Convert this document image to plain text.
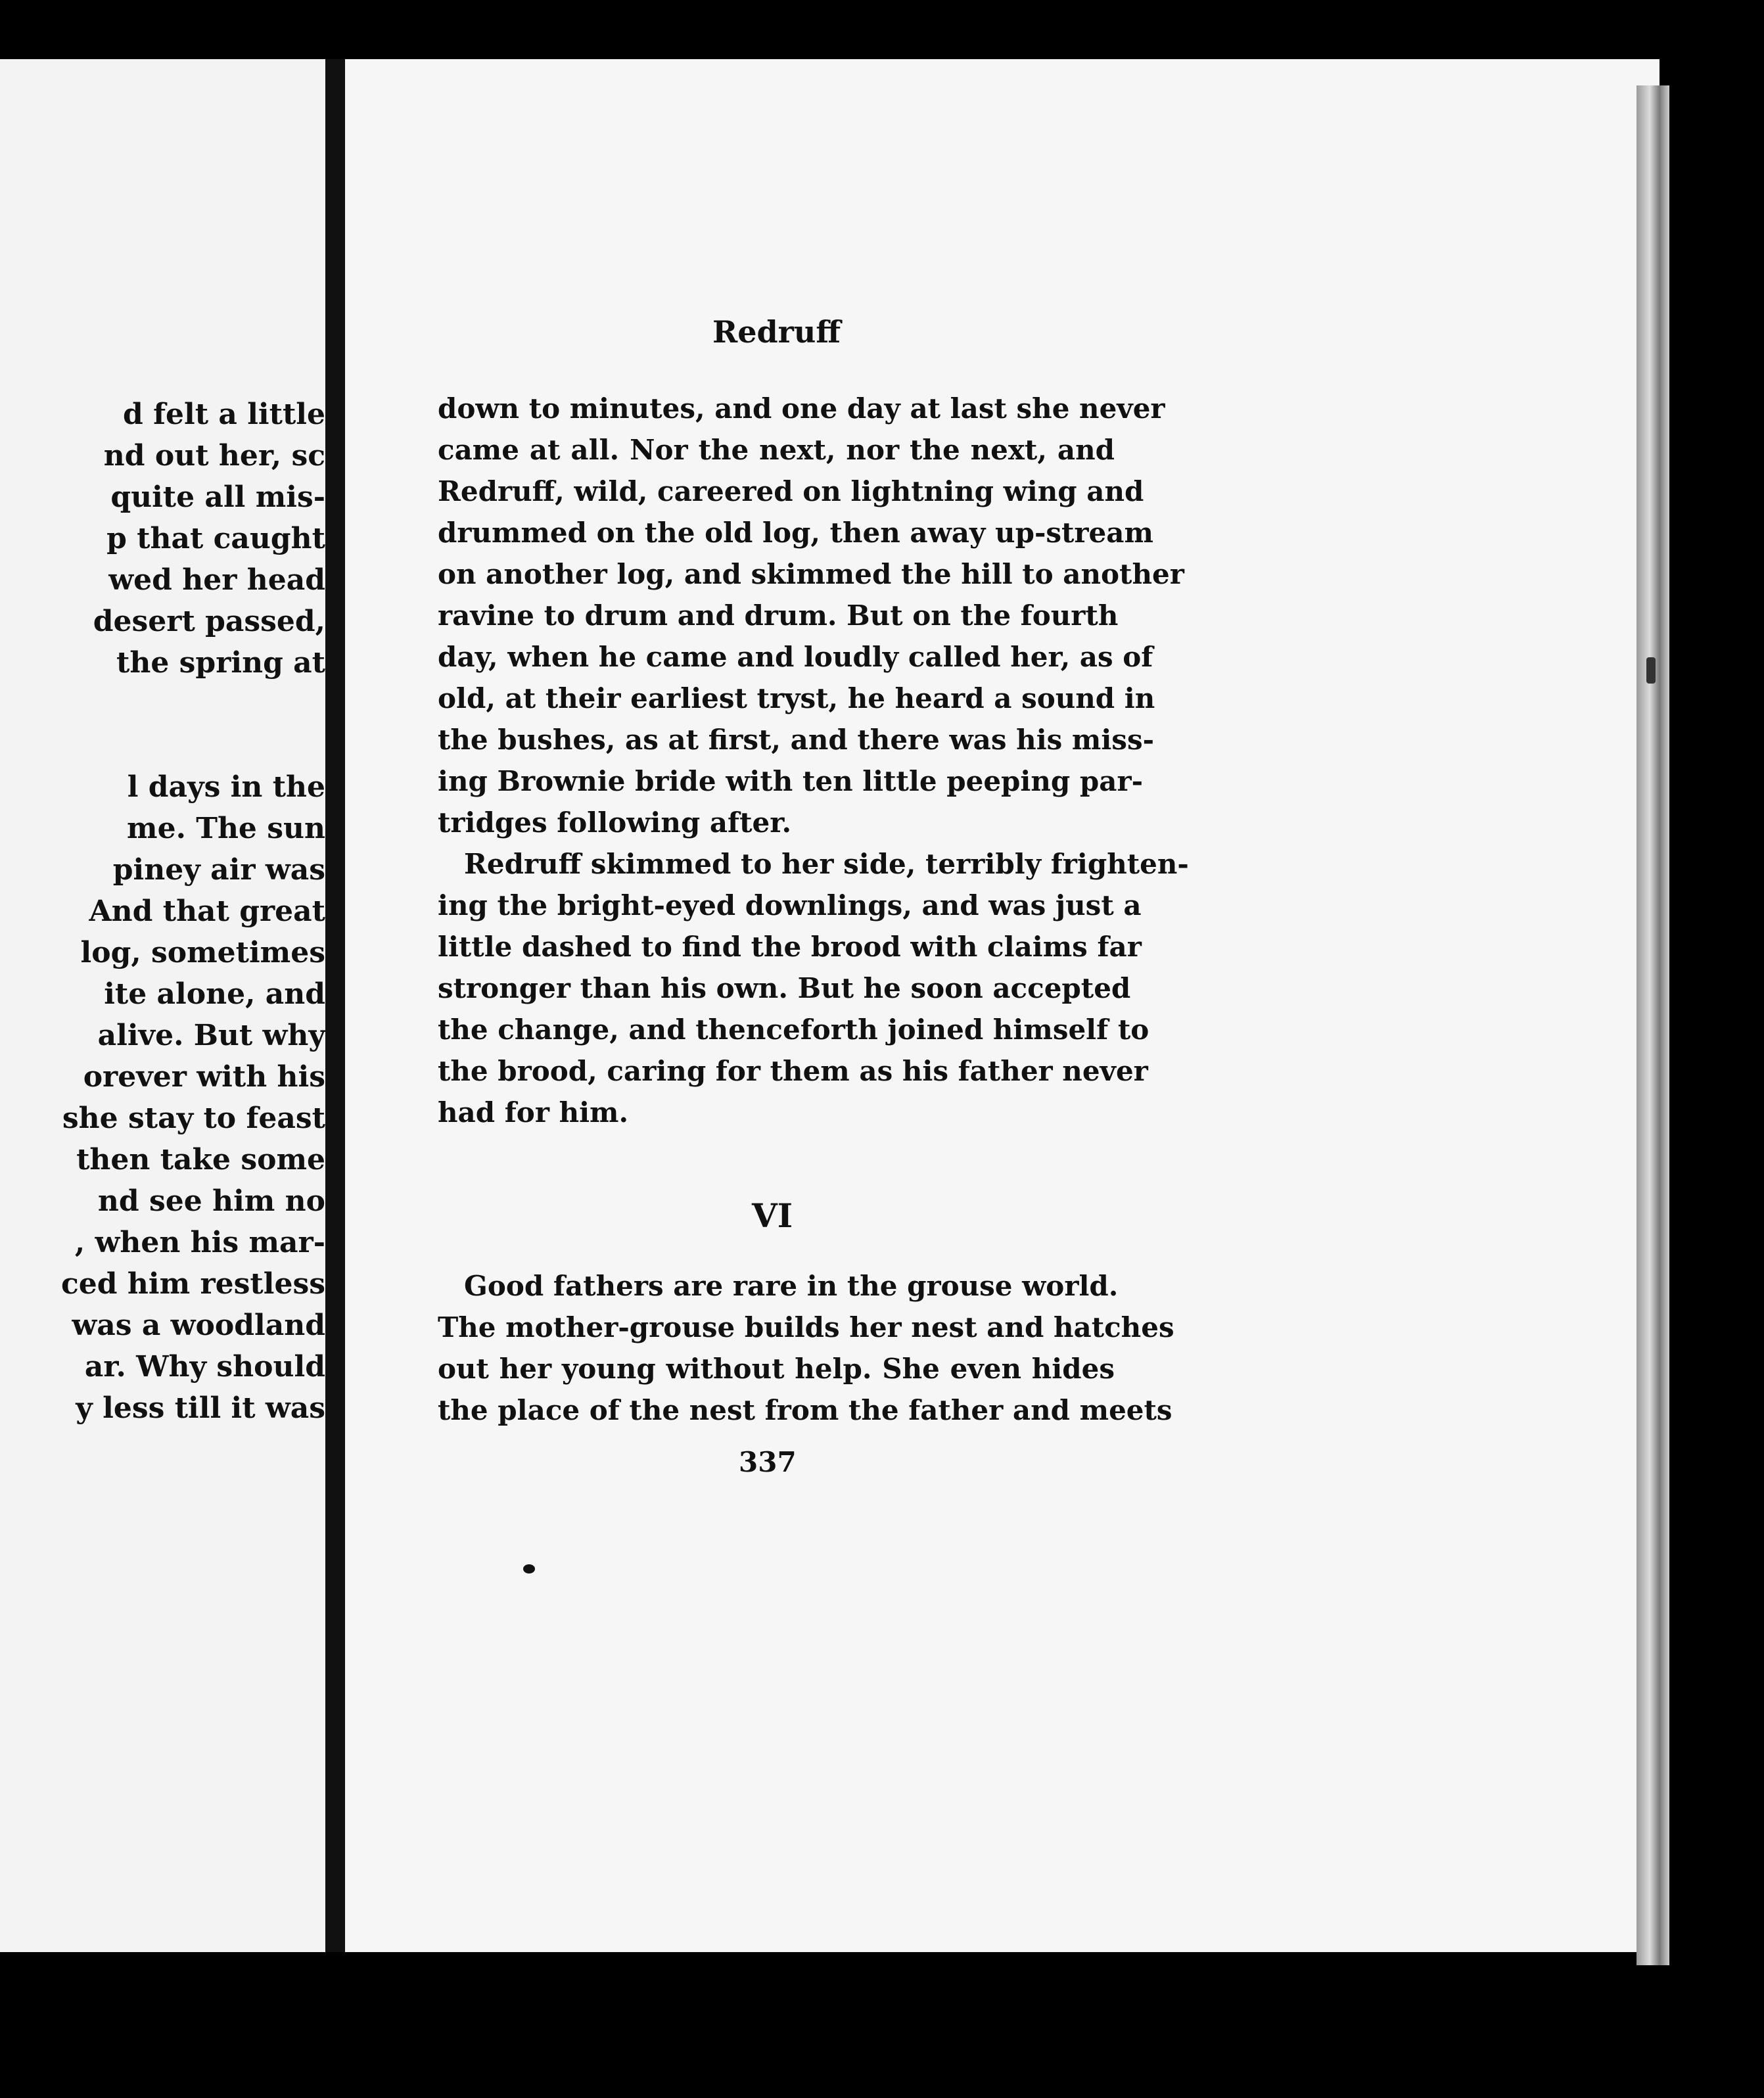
d felt a little
nd out her, sc
quite all mis-
p that caught
wed her head
desert passed,
the spring at
l days in the
me. The sun
piney air was
And that great
log, sometimes
ite alone, and
alive. But why
orever with his
she stay to feast
then take some
nd see him no
, when his mar-
ced him restless
was a woodland
ar. Why should
y less till it was
Redruff
down to minutes, and one day at last she never
came at all. Nor the next, nor the next, and
Redruff, wild, careered on lightning wing and
drummed on the old log, then away up-stream
on another log, and skimmed the hill to another
ravine to drum and drum. But on the fourth
day, when he came and loudly called her, as of
old, at their earliest tryst, he heard a sound in
the bushes, as at first, and there was his miss-
ing Brownie bride with ten little peeping par-
tridges following after.
Redruff skimmed to her side, terribly frighten-
ing the bright-eyed downlings, and was just a
little dashed to find the brood with claims far
stronger than his own. But he soon accepted
the change, and thenceforth joined himself to
the brood, caring for them as his father never
had for him.
VI
Good fathers are rare in the grouse world.
The mother-grouse builds her nest and hatches
out her young without help. She even hides
the place of the nest from the father and meets
337
